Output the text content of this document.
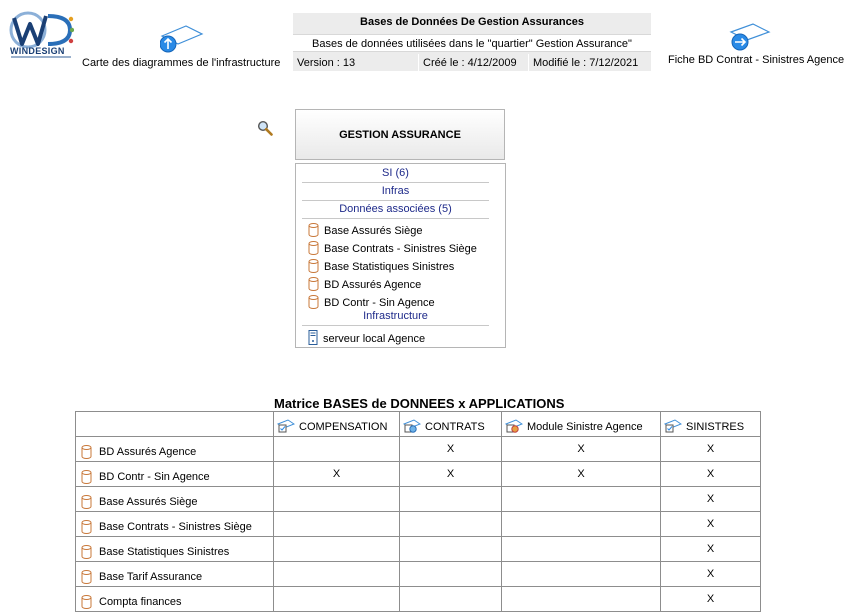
WINDESIGN
Carte des diagrammes de l'infrastructure
Bases de Données De Gestion Assurances
Bases de données utilisées dans le "quartier" Gestion Assurance"
Version : 13	Créé le : 4/12/2009 Modifié le : 7/12/2021	Fiche BD Contrat - Sinistres Agence
GESTION ASSURANCE
SI (6)
Infras
Données associées (5)
Base Assurés Siège
Base Contrats - Sinistres Siège
Base Statistiques Sinistres
BD Assurés Agence
BD Contr - Sin Agence
Infrastructure
serveur local Agence
Matrice BASES de DONNEES x APPLICATIONS
	COMPENSATION	CONTRATS	Module Sinistre Agence	SINISTRES
BD Assurés Agence		X	X	X
BD Contr - Sin Agence	X	X	X	X
Base Assurés Siège				X
Base Contrats - Sinistres Siège				X
Base Statistiques Sinistres				X
Base Tarif Assurance				X
Compta finances				X
